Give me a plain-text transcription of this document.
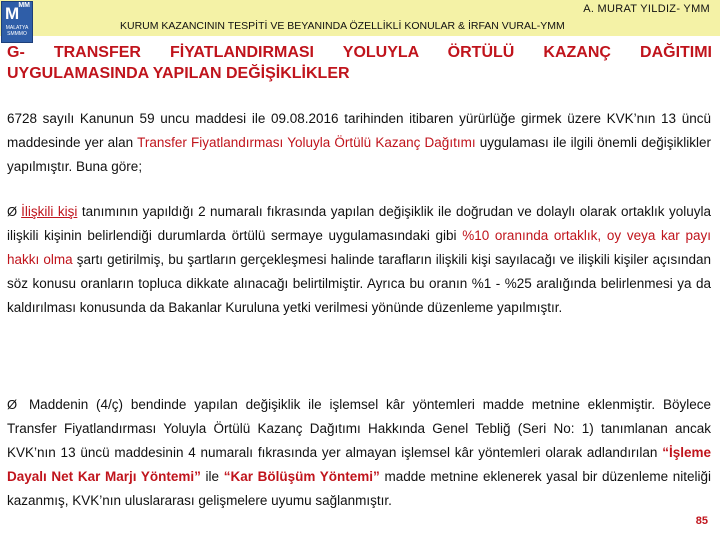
M MM
MALATYA SMMMO
A. MURAT YILDIZ- YMM
KURUM KAZANCININ TESPİTİ VE BEYANINDA ÖZELLİKLİ KONULAR & İRFAN VURAL-YMM
G- TRANSFER FİYATLANDIRMASI YOLUYLA ÖRTÜLÜ KAZANÇ DAĞITIMI
UYGULAMASINDA YAPILAN DEĞİŞİKLİKLER
6728 sayılı Kanunun 59 uncu maddesi ile 09.08.2016 tarihinden itibaren yürürlüğe girmek üzere KVK’nın 13 üncü maddesinde yer alan Transfer Fiyatlandırması Yoluyla Örtülü Kazanç Dağıtımı uygulaması ile ilgili önemli değişiklikler yapılmıştır. Buna göre;
Ø İlişkili kişi tanımının yapıldığı 2 numaralı fıkrasında yapılan değişiklik ile doğrudan ve dolaylı olarak ortaklık yoluyla ilişkili kişinin belirlendiği durumlarda örtülü sermaye uygulamasındaki gibi %10 oranında ortaklık, oy veya kar payı hakkı olma şartı getirilmiş, bu şartların gerçekleşmesi halinde tarafların ilişkili kişi sayılacağı ve ilişkili kişiler açısından söz konusu oranların topluca dikkate alınacağı belirtilmiştir. Ayrıca bu oranın %1 - %25 aralığında belirlenmesi ya da kaldırılması konusunda da Bakanlar Kuruluna yetki verilmesi yönünde düzenleme yapılmıştır.
Ø Maddenin (4/ç) bendinde yapılan değişiklik ile işlemsel kâr yöntemleri madde metnine eklenmiştir. Böylece Transfer Fiyatlandırması Yoluyla Örtülü Kazanç Dağıtımı Hakkında Genel Tebliğ (Seri No: 1) tanımlanan ancak KVK’nın 13 üncü maddesinin 4 numaralı fıkrasında yer almayan işlemsel kâr yöntemleri olarak adlandırılan “İşleme Dayalı Net Kar Marjı Yöntemi” ile “Kar Bölüşüm Yöntemi” madde metnine eklenerek yasal bir düzenleme niteliği kazanmış, KVK’nın uluslararası gelişmelere uyumu sağlanmıştır.
85
